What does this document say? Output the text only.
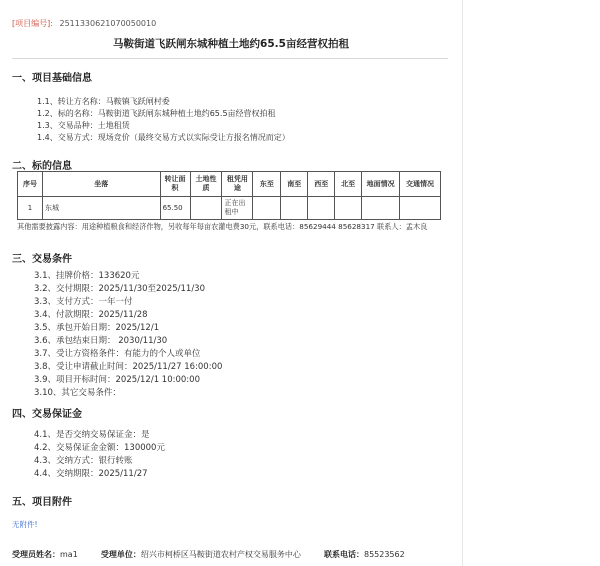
[项目编号]: 2511330621070050010
马鞍街道飞跃闸东城种植土地约65.5亩经营权拍租
一、项目基础信息
1.1、转让方名称：马鞍镇飞跃闸村委
1.2、标的名称：马鞍街道飞跃闸东城种植土地约65.5亩经营权拍租
1.3、交易品种：土地租赁
1.4、交易方式：现场竞价（最终交易方式以实际受让方报名情况而定）
二、标的信息
序号	坐落	转让面积	土地性质	租凭用途	东至	南至	西至	北至	地面情况	交通情况
1	东城	65.50		正在出租中						
其他需要披露内容：用途种植粮食和经济作物，另收每年每亩农灌电费30元，联系电话：85629444 85628317 联系人：孟木良
三、交易条件
3.1、挂牌价格：133620元
3.2、交付期限：2025/11/30至2025/11/30
3.3、支付方式：一年一付
3.4、付款期限：2025/11/28
3.5、承包开始日期：2025/12/1
3.6、承包结束日期： 2030/11/30
3.7、受让方资格条件：有能力的个人或单位
3.8、受让申请截止时间：2025/11/27 16:00:00
3.9、项目开标时间：2025/12/1 10:00:00
3.10、其它交易条件：
四、交易保证金
4.1、是否交纳交易保证金：是
4.2、交易保证金金额：130000元
4.3、交纳方式：银行转账
4.4、交纳期限：2025/11/27
五、项目附件
无附件!
受理员姓名：ma1	受理单位：绍兴市柯桥区马鞍街道农村产权交易服务中心	联系电话：85523562
